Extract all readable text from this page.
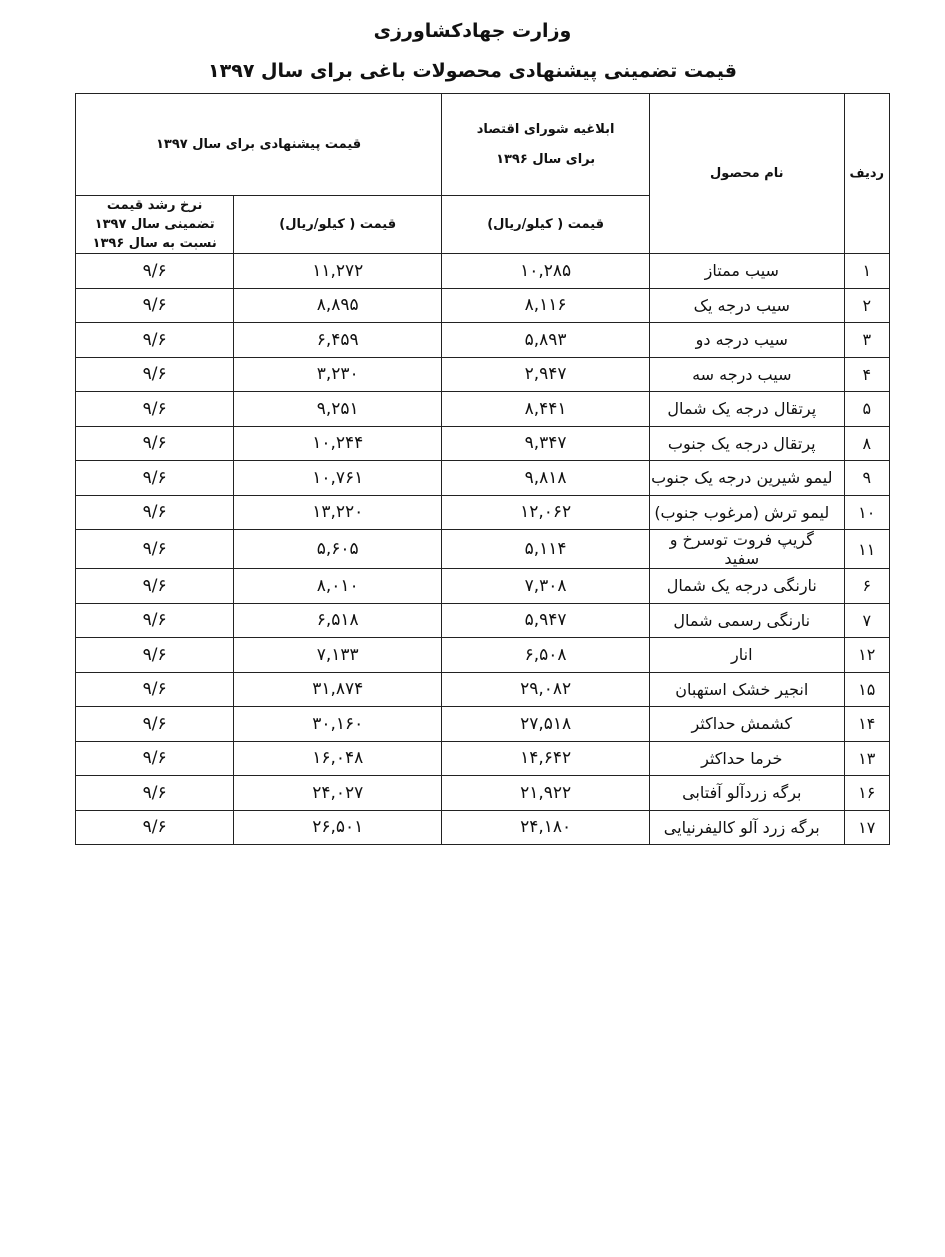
وزارت جهادکشاورزی
قیمت تضمینی پیشنهادی محصولات باغی برای سال ۱۳۹۷
ردیف	نام محصول	ابلاغیه شورای اقتصاد برای سال ۱۳۹۶	قیمت پیشنهادی برای سال ۱۳۹۷	
		قیمت ( کیلو/ریال)	قیمت ( کیلو/ریال)	نرخ رشد قیمت تضمینی سال ۱۳۹۷ نسبت به سال ۱۳۹۶
۱	سیب ممتاز	۱۰,۲۸۵	۱۱,۲۷۲	۹/۶
۲	سیب درجه یک	۸,۱۱۶	۸,۸۹۵	۹/۶
۳	سیب درجه دو	۵,۸۹۳	۶,۴۵۹	۹/۶
۴	سیب درجه سه	۲,۹۴۷	۳,۲۳۰	۹/۶
۵	پرتقال درجه یک شمال	۸,۴۴۱	۹,۲۵۱	۹/۶
۸	پرتقال درجه یک جنوب	۹,۳۴۷	۱۰,۲۴۴	۹/۶
۹	لیمو شیرین درجه یک جنوب	۹,۸۱۸	۱۰,۷۶۱	۹/۶
۱۰	لیمو ترش (مرغوب جنوب)	۱۲,۰۶۲	۱۳,۲۲۰	۹/۶
۱۱	گریپ فروت توسرخ و سفید	۵,۱۱۴	۵,۶۰۵	۹/۶
۶	نارنگی درجه یک شمال	۷,۳۰۸	۸,۰۱۰	۹/۶
۷	نارنگی رسمی شمال	۵,۹۴۷	۶,۵۱۸	۹/۶
۱۲	انار	۶,۵۰۸	۷,۱۳۳	۹/۶
۱۵	انجیر خشک استهبان	۲۹,۰۸۲	۳۱,۸۷۴	۹/۶
۱۴	کشمش حداکثر	۲۷,۵۱۸	۳۰,۱۶۰	۹/۶
۱۳	خرما حداکثر	۱۴,۶۴۲	۱۶,۰۴۸	۹/۶
۱۶	برگه زردآلو آفتابی	۲۱,۹۲۲	۲۴,۰۲۷	۹/۶
۱۷	برگه زرد آلو کالیفرنیایی	۲۴,۱۸۰	۲۶,۵۰۱	۹/۶
